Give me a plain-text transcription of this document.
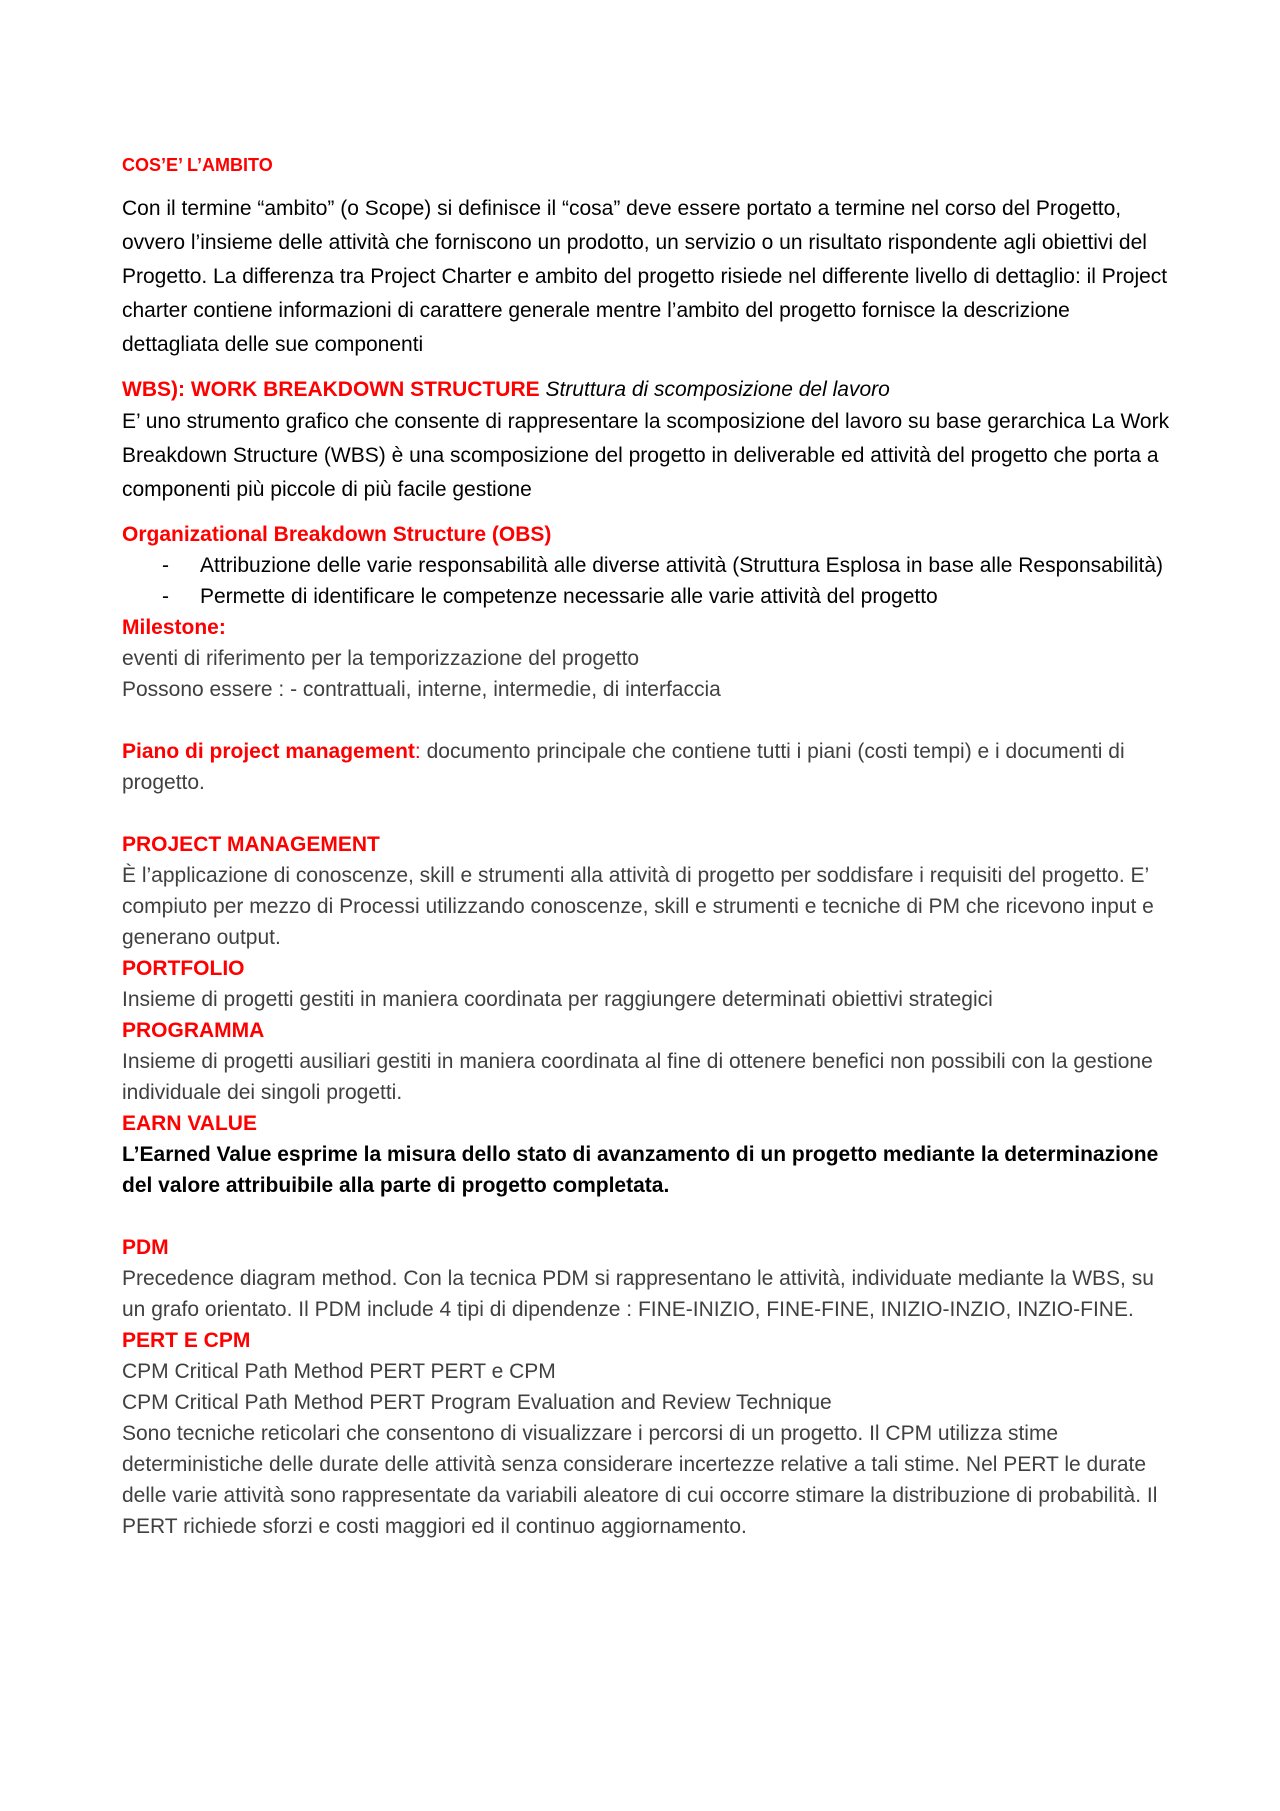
COS’E’ L’AMBITO
Con il termine “ambito” (o Scope) si definisce il “cosa” deve essere portato a termine nel corso del Progetto, ovvero l’insieme delle attività che forniscono un prodotto, un servizio o un risultato rispondente agli obiettivi del Progetto. La differenza tra Project Charter e ambito del progetto risiede nel differente livello di dettaglio: il Project charter contiene informazioni di carattere generale mentre l’ambito del progetto fornisce la descrizione dettagliata delle sue componenti
WBS): WORK BREAKDOWN STRUCTURE Struttura di scomposizione del lavoro
E’ uno strumento grafico che consente di rappresentare la scomposizione del lavoro su base gerarchica La Work Breakdown Structure (WBS) è una scomposizione del progetto in deliverable ed attività del progetto che porta a componenti più piccole di più facile gestione
Organizational Breakdown Structure (OBS)
- Attribuzione delle varie responsabilità alle diverse attività (Struttura Esplosa in base alle Responsabilità)
- Permette di identificare le competenze necessarie alle varie attività del progetto
Milestone:
eventi di riferimento per la temporizzazione del progetto
Possono essere : - contrattuali, interne, intermedie, di interfaccia
Piano di project management: documento principale che contiene tutti i piani (costi tempi) e i documenti di progetto.
PROJECT MANAGEMENT
È l’applicazione di conoscenze, skill e strumenti alla attività di progetto per soddisfare i requisiti del progetto. E’ compiuto per mezzo di Processi utilizzando conoscenze, skill e strumenti e tecniche di PM che ricevono input e generano output.
PORTFOLIO
Insieme di progetti gestiti in maniera coordinata per raggiungere determinati obiettivi strategici
PROGRAMMA
Insieme di progetti ausiliari gestiti in maniera coordinata al fine di ottenere benefici non possibili con la gestione individuale dei singoli progetti.
EARN VALUE
L’Earned Value esprime la misura dello stato di avanzamento di un progetto mediante la determinazione del valore attribuibile alla parte di progetto completata.
PDM
Precedence diagram method. Con la tecnica PDM si rappresentano le attività, individuate mediante la WBS, su un grafo orientato. Il PDM include 4 tipi di dipendenze : FINE-INIZIO, FINE-FINE, INIZIO-INZIO, INZIO-FINE.
PERT E CPM
CPM Critical Path Method PERT PERT e CPM
CPM Critical Path Method PERT Program Evaluation and Review Technique
Sono tecniche reticolari che consentono di visualizzare i percorsi di un progetto. Il CPM utilizza stime deterministiche delle durate delle attività senza considerare incertezze relative a tali stime. Nel PERT le durate delle varie attività sono rappresentate da variabili aleatore di cui occorre stimare la distribuzione di probabilità. Il PERT richiede sforzi e costi maggiori ed il continuo aggiornamento.
